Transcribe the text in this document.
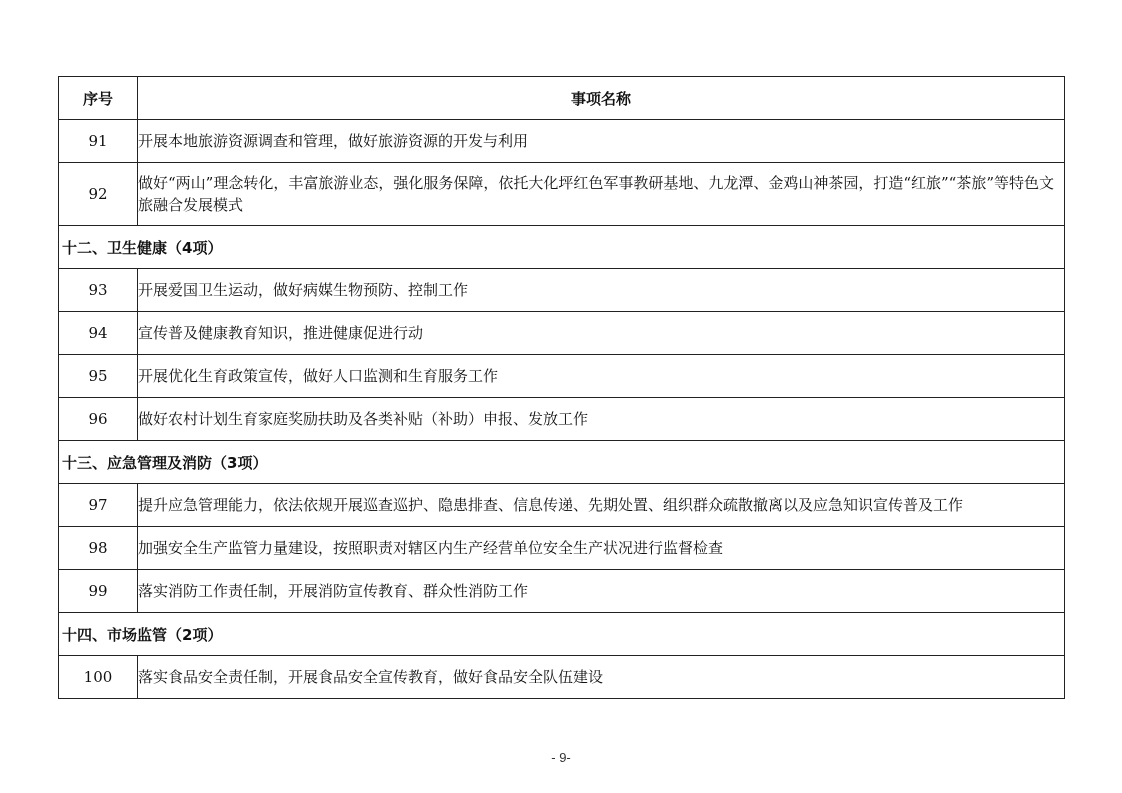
序号	事项名称
91	开展本地旅游资源调查和管理，做好旅游资源的开发与利用
92	做好“两山”理念转化，丰富旅游业态，强化服务保障，依托大化坪红色军事教研基地、九龙潭、金鸡山神茶园，打造“红旅”“茶旅”等特色文旅融合发展模式
十二、卫生健康（4项）	
93	开展爱国卫生运动，做好病媒生物预防、控制工作
94	宣传普及健康教育知识，推进健康促进行动
95	开展优化生育政策宣传，做好人口监测和生育服务工作
96	做好农村计划生育家庭奖励扶助及各类补贴（补助）申报、发放工作
十三、应急管理及消防（3项）	
97	提升应急管理能力，依法依规开展巡查巡护、隐患排查、信息传递、先期处置、组织群众疏散撤离以及应急知识宣传普及工作
98	加强安全生产监管力量建设，按照职责对辖区内生产经营单位安全生产状况进行监督检查
99	落实消防工作责任制，开展消防宣传教育、群众性消防工作
十四、市场监管（2项）	
100	落实食品安全责任制，开展食品安全宣传教育，做好食品安全队伍建设
- 9-
